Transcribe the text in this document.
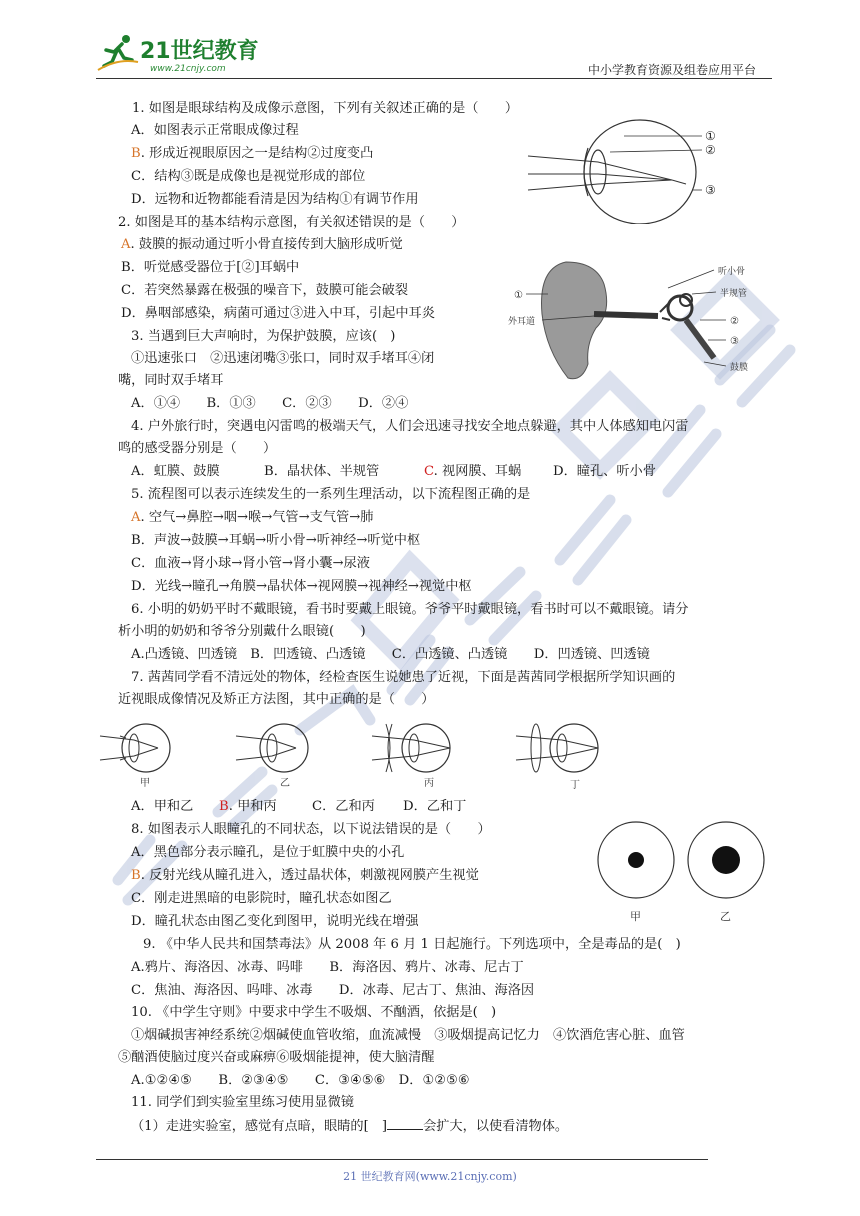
21世纪教育
www.21cnjy.com	中小学教育资源及组卷应用平台
1. 如图是眼球结构及成像示意图，下列有关叙述正确的是（　　）
A．如图表示正常眼成像过程
B. 形成近视眼原因之一是结构②过度变凸
C．结构③既是成像也是视觉形成的部位
D．远物和近物都能看清是因为结构①有调节作用
①
②
③
2. 如图是耳的基本结构示意图，有关叙述错误的是（　　）
A. 鼓膜的振动通过听小骨直接传到大脑形成听觉
B．听觉感受器位于[②]耳蜗中
C．若突然暴露在极强的噪音下，鼓膜可能会破裂
D．鼻咽部感染，病菌可通过③进入中耳，引起中耳炎
听小骨
半规管
①
外耳道	②
③
鼓膜
3. 当遇到巨大声响时，为保护鼓膜，应该(　)
①迅速张口　②迅速闭嘴③张口，同时双手堵耳④闭
嘴，同时双手堵耳
A．①④　　B．①③　　C．②③　　D．②④
4. 户外旅行时，突遇电闪雷鸣的极端天气，人们会迅速寻找安全地点躲避，其中人体感知电闪雷
鸣的感受器分别是（　　）
A．虹膜、鼓膜	B．晶状体、半规管	C. 视网膜、耳蜗 D．瞳孔、听小骨
5. 流程图可以表示连续发生的一系列生理活动，以下流程图正确的是
A. 空气→鼻腔→咽→喉→气管→支气管→肺
B．声波→鼓膜→耳蜗→听小骨→听神经→听觉中枢
C．血液→肾小球→肾小管→肾小囊→尿液
D．光线→瞳孔→角膜→晶状体→视网膜→视神经→视觉中枢
6. 小明的奶奶平时不戴眼镜，看书时要戴上眼镜。爷爷平时戴眼镜，看书时可以不戴眼镜。请分
析小明的奶奶和爷爷分别戴什么眼镜(　　)
A.凸透镜、凹透镜　B．凹透镜、凸透镜　　C．凸透镜、凸透镜　　D．凹透镜、凹透镜
7. 茜茜同学看不清远处的物体，经检查医生说她患了近视，下面是茜茜同学根据所学知识画的
近视眼成像情况及矫正方法图，其中正确的是（　　）
甲	乙	丙	丁
A．甲和乙 B. 甲和丙	C．乙和丙 D．乙和丁
8. 如图表示人眼瞳孔的不同状态，以下说法错误的是（　　）
A．黑色部分表示瞳孔，是位于虹膜中央的小孔
B. 反射光线从瞳孔进入，透过晶状体，刺激视网膜产生视觉
C．刚走进黑暗的电影院时，瞳孔状态如图乙
D．瞳孔状态由图乙变化到图甲，说明光线在增强	甲	乙
9. 《中华人民共和国禁毒法》从 2008 年 6 月 1 日起施行。下列选项中，全是毒品的是(　)
A.鸦片、海洛因、冰毒、吗啡　　B．海洛因、鸦片、冰毒、尼古丁
C．焦油、海洛因、吗啡、冰毒　　D．冰毒、尼古丁、焦油、海洛因
10. 《中学生守则》中要求中学生不吸烟、不酗酒，依据是(　)
①烟碱损害神经系统②烟碱使血管收缩，血流减慢　③吸烟提高记忆力　④饮酒危害心脏、血管
⑤酗酒使脑过度兴奋或麻痹⑥吸烟能提神，使大脑清醒
A.①②④⑤　　B．②③④⑤　　C．③④⑤⑥　D．①②⑤⑥
11. 同学们到实验室里练习使用显微镜
（1）走进实验室，感觉有点暗，眼睛的[　]	会扩大，以使看清物体。
21 世纪教育网(www.21cnjy.com)
